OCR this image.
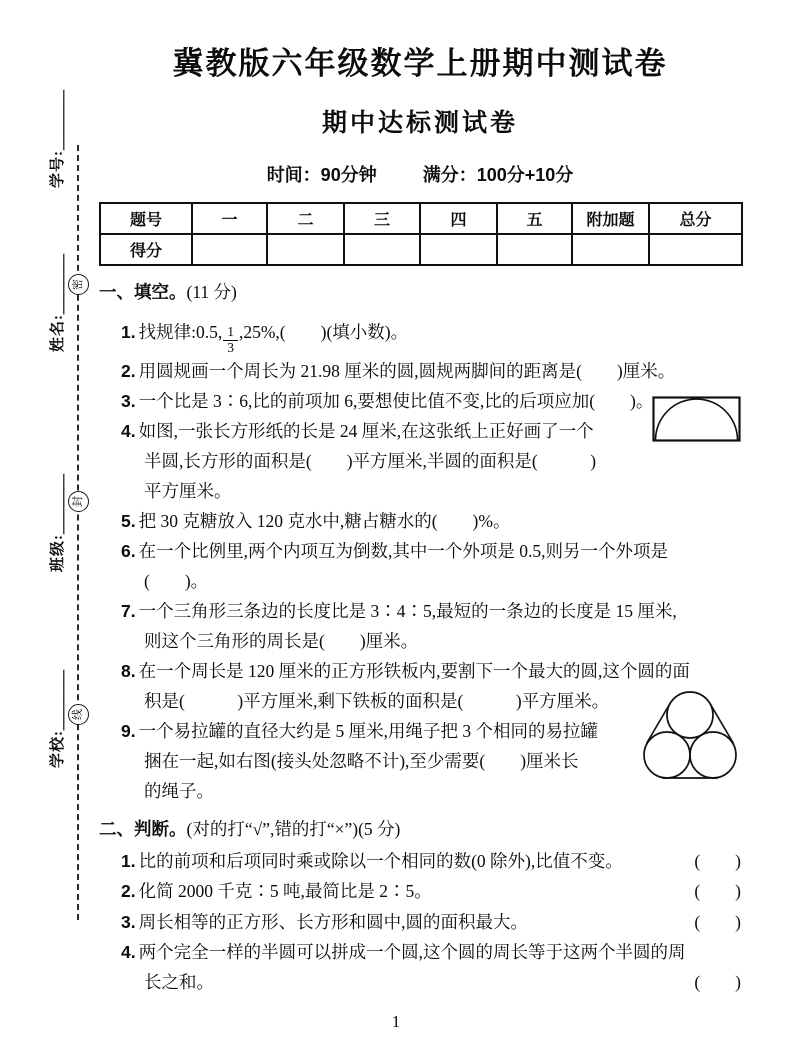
学号:＿＿＿＿
姓名:＿＿＿＿
班级:＿＿＿＿
学校:＿＿＿＿
密
封
线
冀教版六年级数学上册期中测试卷
期中达标测试卷
时间：90分钟	满分：100分+10分
题号	一	二	三	四	五	附加题	总分
得分							
一、填空。(11 分)
1. 找规律:0.5, $\frac{1}{3} ,25\%$,(　　)(填小数)。
2. 用圆规画一个周长为 21.98 厘米的圆,圆规两脚间的距离是(　　)厘米。
3. 一个比是 3∶6,比的前项加 6,要想使比值不变,比的后项应加(　　)。
4. 如图,一张长方形纸的长是 24 厘米,在这张纸上正好画了一个
半圆,长方形的面积是(　　)平方厘米,半圆的面积是(　　　)
平方厘米。
5. 把 30 克糖放入 120 克水中,糖占糖水的(　　)%。
6. 在一个比例里,两个内项互为倒数,其中一个外项是 0.5,则另一个外项是
(　　)。
7. 一个三角形三条边的长度比是 3∶4∶5,最短的一条边的长度是 15 厘米,
则这个三角形的周长是(　　)厘米。
8. 在一个周长是 120 厘米的正方形铁板内,要割下一个最大的圆,这个圆的面
积是(　　　)平方厘米,剩下铁板的面积是(　　　)平方厘米。
9. 一个易拉罐的直径大约是 5 厘米,用绳子把 3 个相同的易拉罐
捆在一起,如右图(接头处忽略不计),至少需要(　　)厘米长
的绳子。
二、判断。(对的打“√”,错的打“×”)(5 分)
1. 比的前项和后项同时乘或除以一个相同的数(0 除外),比值不变。	(　　)
2. 化简 2000 千克∶5 吨,最简比是 2∶5。	(　　)
3. 周长相等的正方形、长方形和圆中,圆的面积最大。	(　　)
4. 两个完全一样的半圆可以拼成一个圆,这个圆的周长等于这两个半圆的周
长之和。	(　　)
1
